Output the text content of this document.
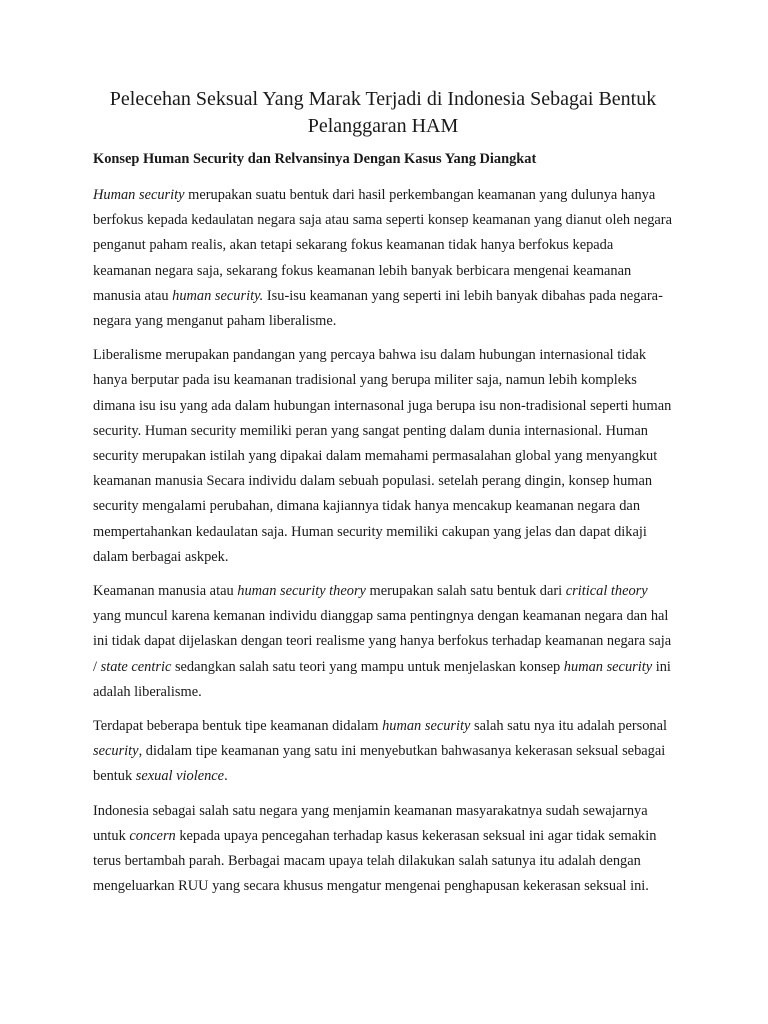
Pelecehan Seksual Yang Marak Terjadi di Indonesia Sebagai Bentuk Pelanggaran HAM
Konsep Human Security dan Relvansinya Dengan Kasus Yang Diangkat

Human security merupakan suatu bentuk dari hasil perkembangan keamanan yang dulunya hanya berfokus kepada kedaulatan negara saja atau sama seperti konsep keamanan yang dianut oleh negara penganut paham realis, akan tetapi sekarang fokus keamanan tidak hanya berfokus kepada keamanan negara saja, sekarang fokus keamanan lebih banyak berbicara mengenai keamanan manusia atau human security. Isu-isu keamanan yang seperti ini lebih banyak dibahas pada negara-negara yang menganut paham liberalisme.

Liberalisme merupakan pandangan yang percaya bahwa isu dalam hubungan internasional tidak hanya berputar pada isu keamanan tradisional yang berupa militer saja, namun lebih kompleks dimana isu isu yang ada dalam hubungan internasonal juga berupa isu non-tradisional seperti human security. Human security memiliki peran yang sangat penting dalam dunia internasional. Human security merupakan istilah yang dipakai dalam memahami permasalahan global yang menyangkut keamanan manusia Secara individu dalam sebuah populasi. setelah perang dingin, konsep human security mengalami perubahan, dimana kajiannya tidak hanya mencakup keamanan negara dan mempertahankan kedaulatan saja. Human security memiliki cakupan yang jelas dan dapat dikaji dalam berbagai askpek.

Keamanan manusia atau human security theory merupakan salah satu bentuk dari critical theory yang muncul karena kemanan individu dianggap sama pentingnya dengan keamanan negara dan hal ini tidak dapat dijelaskan dengan teori realisme yang hanya berfokus terhadap keamanan negara saja / state centric sedangkan salah satu teori yang mampu untuk menjelaskan konsep human security ini adalah liberalisme.

Terdapat beberapa bentuk tipe keamanan didalam human security salah satu nya itu adalah personal security, didalam tipe keamanan yang satu ini menyebutkan bahwasanya kekerasan seksual sebagai bentuk sexual violence.

Indonesia sebagai salah satu negara yang menjamin keamanan masyarakatnya sudah sewajarnya untuk concern kepada upaya pencegahan terhadap kasus kekerasan seksual ini agar tidak semakin terus bertambah parah. Berbagai macam upaya telah dilakukan salah satunya itu adalah dengan mengeluarkan RUU yang secara khusus mengatur mengenai penghapusan kekerasan seksual ini.
